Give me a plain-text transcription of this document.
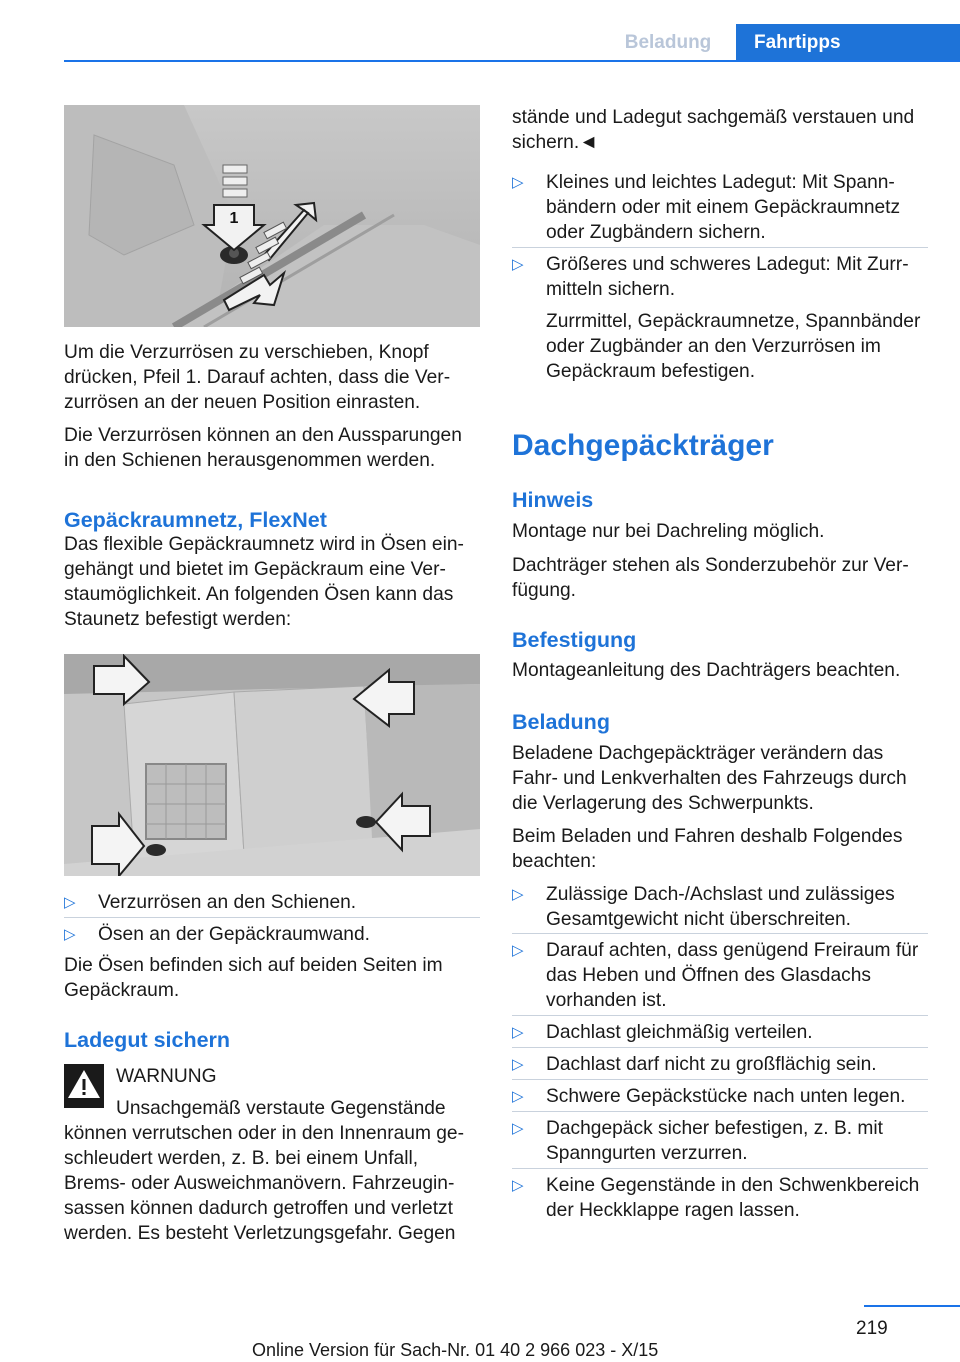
Beladung	Fahrtipps
1

Um die Verzurrösen zu verschieben, Knopf drücken, Pfeil 1. Darauf achten, dass die Verzurrösen an der neuen Position einrasten.

Die Verzurrösen können an den Aussparungen in den Schienen herausgenommen werden.

Gepäckraumnetz, FlexNet

Das flexible Gepäckraumnetz wird in Ösen eingehängt und bietet im Gepäckraum eine Verstaumöglichkeit. An folgenden Ösen kann das Staunetz befestigt werden:

▷ Verzurrösen an den Schienen.
▷ Ösen an der Gepäckraumwand.

Die Ösen befinden sich auf beiden Seiten im Gepäckraum.

Ladegut sichern
WARNUNG
Unsachgemäß verstaute Gegenstände

können verrutschen oder in den Innenraum geschleudert werden, z. B. bei einem Unfall, Brems- oder Ausweichmanövern. Fahrzeuginsassen können dadurch getroffen und verletzt werden. Es besteht Verletzungsgefahr. Gegen

stände und Ladegut sachgemäß verstauen und sichern.◄

▷ Kleines und leichtes Ladegut: Mit Spannbändern oder mit einem Gepäckraumnetz oder Zugbändern sichern.
▷ Größeres und schweres Ladegut: Mit Zurrmitteln sichern.

Zurrmittel, Gepäckraumnetze, Spannbänder oder Zugbänder an den Verzurrösen im Gepäckraum befestigen.

Dachgepäckträger
Hinweis

Montage nur bei Dachreling möglich.

Dachträger stehen als Sonderzubehör zur Verfügung.

Befestigung

Montageanleitung des Dachträgers beachten.

Beladung

Beladene Dachgepäckträger verändern das Fahr- und Lenkverhalten des Fahrzeugs durch die Verlagerung des Schwerpunkts.

Beim Beladen und Fahren deshalb Folgendes beachten:

▷ Zulässige Dach-/Achslast und zulässiges Gesamtgewicht nicht überschreiten.
▷ Darauf achten, dass genügend Freiraum für das Heben und Öffnen des Glasdachs vorhanden ist.
▷ Dachlast gleichmäßig verteilen.
▷ Dachlast darf nicht zu großflächig sein.
▷ Schwere Gepäckstücke nach unten legen.
▷ Dachgepäck sicher befestigen, z. B. mit Spanngurten verzurren.
▷ Keine Gegenstände in den Schwenkbereich der Heckklappe ragen lassen.
219
Online Version für Sach-Nr. 01 40 2 966 023 - X/15
